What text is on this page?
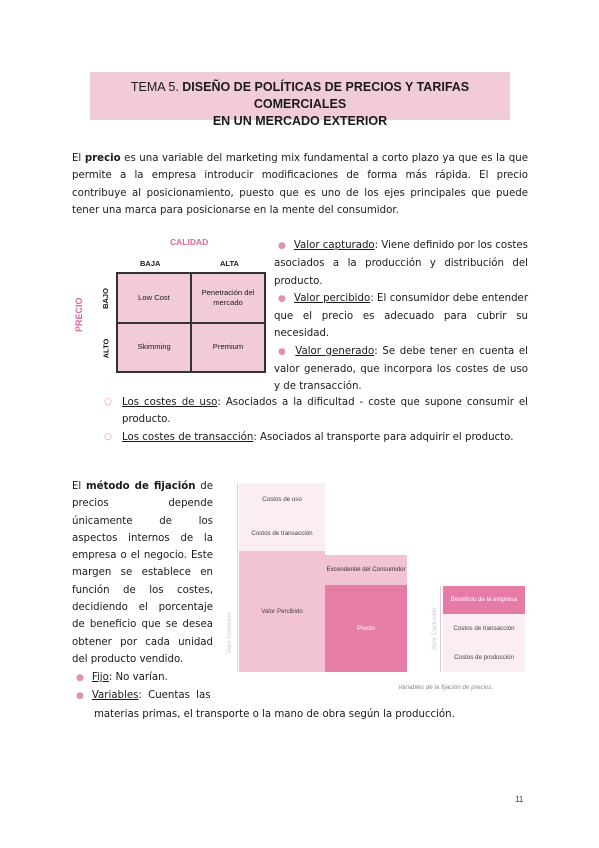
TEMA 5. DISEÑO DE POLÍTICAS DE PRECIOS Y TARIFAS COMERCIALES
EN UN MERCADO EXTERIOR

El precio es una variable del marketing mix fundamental a corto plazo ya que es la que permite a la empresa introducir modificaciones de forma más rápida. El precio contribuye al posicionamiento, puesto que es uno de los ejes principales que puede tener una marca para posicionarse en la mente del consumidor.

CALIDAD
BAJA	ALTA
PRECIO BAJO
ALTO
Low Cost
Penetración del mercado
Skimming	Premium
● Valor capturado: Viene definido por los costes asociados a la producción y distribución del producto.
● Valor percibido: El consumidor debe entender que el precio es adecuado para cubrir su necesidad.
● Valor generado: Se debe tener en cuenta el valor generado, que incorpora los costes de uso y de transacción.
○ Los costes de uso: Asociados a la dificultad - coste que supone consumir el producto.
○ Los costes de transacción: Asociados al transporte para adquirir el producto.

El método de fijación de precios depende únicamente de los aspectos internos de la empresa o el negocio. Este margen se establece en función de los costes, decidiendo el porcentaje de beneficio que se desea obtener por cada unidad del producto vendido.

Costos de uso
Costos de transacción
Valor Percibido
Valor Generado
Excendentel del Consumidor
Precio
Beneficio de la empresa
Costos de transacción
Costos de producción
Valor Capturado
Variables de la fijación de precios.
● Fijo: No varían.
● Variables: Cuentas las
materias primas, el transporte o la mano de obra según la producción.
11
